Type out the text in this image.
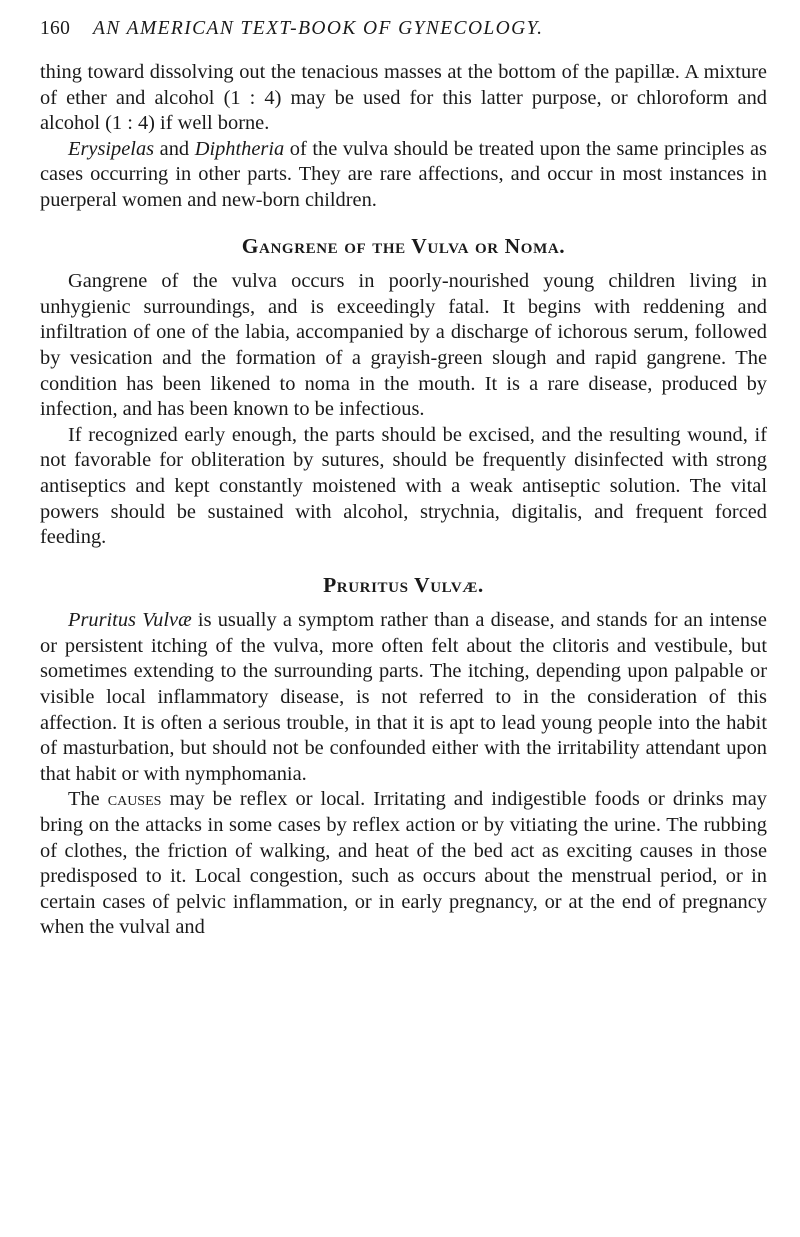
160 AN AMERICAN TEXT-BOOK OF GYNECOLOGY.

thing toward dissolving out the tenacious masses at the bottom of the papillæ. A mixture of ether and alcohol (1 : 4) may be used for this latter purpose, or chloroform and alcohol (1 : 4) if well borne.

Erysipelas and Diphtheria of the vulva should be treated upon the same principles as cases occurring in other parts. They are rare affections, and occur in most instances in puerperal women and new-born children.

Gangrene of the Vulva or Noma.

Gangrene of the vulva occurs in poorly-nourished young children living in unhygienic surroundings, and is exceedingly fatal. It begins with reddening and infiltration of one of the labia, accompanied by a discharge of ichorous serum, followed by vesication and the formation of a grayish-green slough and rapid gangrene. The condition has been likened to noma in the mouth. It is a rare disease, produced by infection, and has been known to be infectious.

If recognized early enough, the parts should be excised, and the resulting wound, if not favorable for obliteration by sutures, should be frequently disinfected with strong antiseptics and kept constantly moistened with a weak antiseptic solution. The vital powers should be sustained with alcohol, strychnia, digitalis, and frequent forced feeding.

Pruritus Vulvæ.

Pruritus Vulvæ is usually a symptom rather than a disease, and stands for an intense or persistent itching of the vulva, more often felt about the clitoris and vestibule, but sometimes extending to the surrounding parts. The itching, depending upon palpable or visible local inflammatory disease, is not referred to in the consideration of this affection. It is often a serious trouble, in that it is apt to lead young people into the habit of masturbation, but should not be confounded either with the irritability attendant upon that habit or with nymphomania.

The causes may be reflex or local. Irritating and indigestible foods or drinks may bring on the attacks in some cases by reflex action or by vitiating the urine. The rubbing of clothes, the friction of walking, and heat of the bed act as exciting causes in those predisposed to it. Local congestion, such as occurs about the menstrual period, or in certain cases of pelvic inflammation, or in early pregnancy, or at the end of pregnancy when the vulval and
